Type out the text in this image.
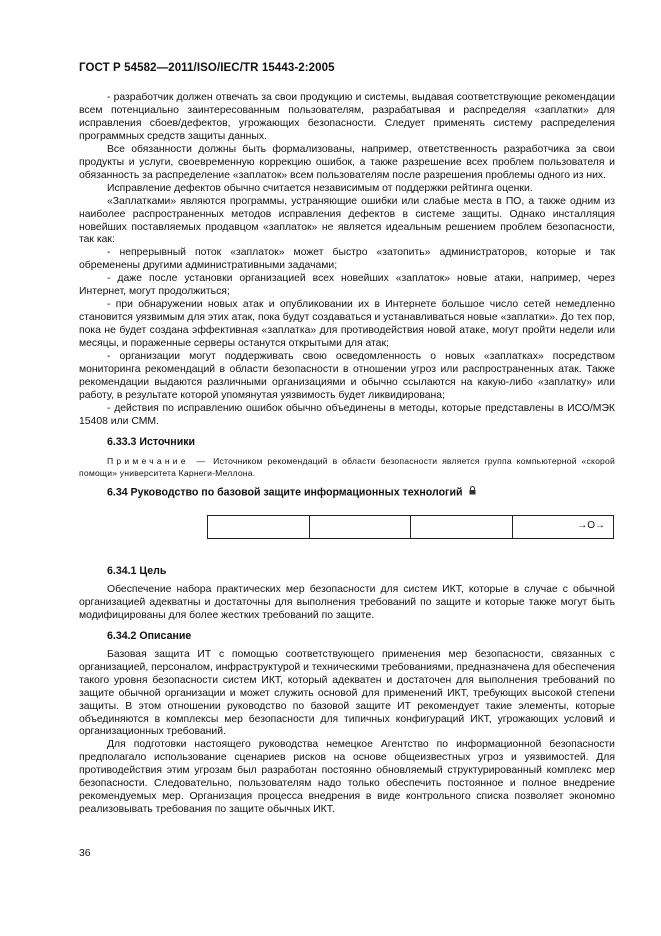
ГОСТ Р 54582—2011/ISO/IEC/TR 15443-2:2005

- разработчик должен отвечать за свои продукцию и системы, выдавая соответствующие рекомендации всем потенциально заинтересованным пользователям, разрабатывая и распределяя «заплатки» для исправления сбоев/дефектов, угрожающих безопасности. Следует применять систему распределения программных средств защиты данных.

Все обязанности должны быть формализованы, например, ответственность разработчика за свои продукты и услуги, своевременную коррекцию ошибок, а также разрешение всех проблем пользователя и обязанность за распределение «заплаток» всем пользователям после разрешения проблемы одного из них.

Исправление дефектов обычно считается независимым от поддержки рейтинга оценки.

«Заплатками» являются программы, устраняющие ошибки или слабые места в ПО, а также одним из наиболее распространенных методов исправления дефектов в системе защиты. Однако инсталляция новейших поставляемых продавцом «заплаток» не является идеальным решением проблем безопасности, так как:

- непрерывный поток «заплаток» может быстро «затопить» администраторов, которые и так обременены другими административными задачами;

- даже после установки организацией всех новейших «заплаток» новые атаки, например, через Интернет, могут продолжиться;

- при обнаружении новых атак и опубликовании их в Интернете большое число сетей немедленно становится уязвимым для этих атак, пока будут создаваться и устанавливаться новые «заплатки». До тех пор, пока не будет создана эффективная «заплатка» для противодействия новой атаке, могут пройти недели или месяцы, и пораженные серверы останутся открытыми для атак;

- организации могут поддерживать свою осведомленность о новых «заплатках» посредством мониторинга рекомендаций в области безопасности в отношении угроз или распространенных атак. Также рекомендации выдаются различными организациями и обычно ссылаются на какую-либо «заплатку» или работу, в результате которой упомянутая уязвимость будет ликвидирована;

- действия по исправлению ошибок обычно объединены в методы, которые представлены в ИСО/МЭК 15408 или СММ.

6.33.3 Источники

Примечание — Источником рекомендаций в области безопасности является группа компьютерной «скорой помощи» университета Карнеги-Меллона.

6.34 Руководство по базовой защите информационных технологий
→O→
6.34.1 Цель

Обеспечение набора практических мер безопасности для систем ИКТ, которые в случае с обычной организацией адекватны и достаточны для выполнения требований по защите и которые также могут быть модифицированы для более жестких требований по защите.

6.34.2 Описание

Базовая защита ИТ с помощью соответствующего применения мер безопасности, связанных с организацией, персоналом, инфраструктурой и техническими требованиями, предназначена для обеспечения такого уровня безопасности систем ИКТ, который адекватен и достаточен для выполнения требований по защите обычной организации и может служить основой для применений ИКТ, требующих высокой степени защиты. В этом отношении руководство по базовой защите ИТ рекомендует такие элементы, которые объединяются в комплексы мер безопасности для типичных конфигураций ИКТ, угрожающих условий и организационных требований.

Для подготовки настоящего руководства немецкое Агентство по информационной безопасности предполагало использование сценариев рисков на основе общеизвестных угроз и уязвимостей. Для противодействия этим угрозам был разработан постоянно обновляемый структурированный комплекс мер безопасности. Следовательно, пользователям надо только обеспечить постоянное и полное внедрение рекомендуемых мер. Организация процесса внедрения в виде контрольного списка позволяет экономно реализовывать требования по защите обычных ИКТ.

36
